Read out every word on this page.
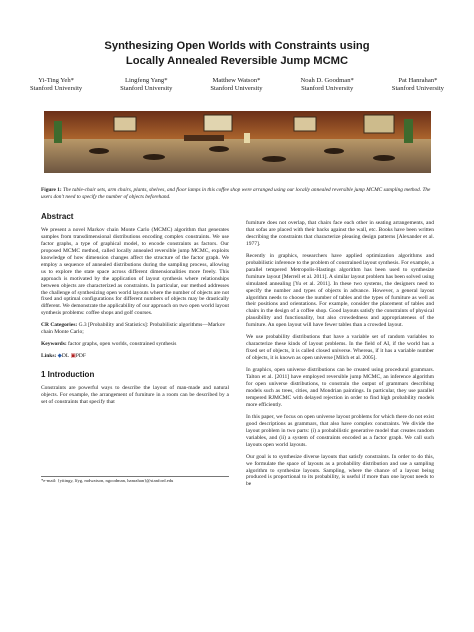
Synthesizing Open Worlds with Constraints using
Locally Annealed Reversible Jump MCMC
Yi-Ting Yeh*
Stanford University
Lingfeng Yang*
Stanford University
Matthew Watson*
Stanford University
Noah D. Goodman*
Stanford University
Pat Hanrahan*
Stanford University
Figure 1: The table-chair sets, arm chairs, plants, shelves, and floor lamps in this coffee shop were arranged using our locally annealed reversible jump MCMC sampling method. The users don't need to specify the number of objects beforehand.
Abstract

We present a novel Markov chain Monte Carlo (MCMC) algorithm that generates samples from transdimensional distributions encoding complex constraints. We use factor graphs, a type of graphical model, to encode constraints as factors. Our proposed MCMC method, called locally annealed reversible jump MCMC, exploits knowledge of how dimension changes affect the structure of the factor graph. We employ a sequence of annealed distributions during the sampling process, allowing us to explore the state space across different dimensionalities more freely. This approach is motivated by the application of layout synthesis where relationships between objects are characterized as constraints. In particular, our method addresses the challenge of synthesizing open world layouts where the number of objects are not fixed and optimal configurations for different numbers of objects may be drastically different. We demonstrate the applicability of our approach on two open world layout synthesis problems: coffee shops and golf courses.

CR Categories: G.3 [Probability and Statistics]: Probabilistic algorithms—Markov chain Monte Carlo;

Keywords: factor graphs, open worlds, constrained synthesis

Links: ◆DL ▣PDF

1 Introduction

Constraints are powerful ways to describe the layout of man-made and natural objects. For example, the arrangement of furniture in a room can be described by a set of constraints that specify that

*e-mail: {yitingy, lfyg, mdwatson, ngoodman, hanrahan}@stanford.edu

furniture does not overlap, that chairs face each other in seating arrangements, and that sofas are placed with their backs against the wall, etc. Books have been written describing the constraints that characterize pleasing design patterns [Alexander et al. 1977].

Recently in graphics, researchers have applied optimization algorithms and probabilistic inference to the problem of constrained layout synthesis. For example, a parallel tempered Metropolis-Hastings algorithm has been used to synthesize furniture layout [Merrell et al. 2011]. A similar layout problem has been solved using simulated annealing [Yu et al. 2011]. In these two systems, the designers need to specify the number and types of objects in advance. However, a general layout algorithm needs to choose the number of tables and the types of furniture as well as their positions and orientations. For example, consider the placement of tables and chairs in the design of a coffee shop. Good layouts satisfy the constraints of physical plausibility and functionality, but also crowdedness and appropriateness of the furniture. An open layout will have fewer tables than a crowded layout.

We use probability distributions that have a variable set of random variables to characterize these kinds of layout problems. In the field of AI, if the world has a fixed set of objects, it is called closed universe. Whereas, if it has a variable number of objects, it is known as open universe [Milch et al. 2005].

In graphics, open universe distributions can be created using procedural grammars. Talton et al. [2011] have employed reversible jump MCMC, an inference algorithm for open universe distributions, to constrain the output of grammars describing models such as trees, cities, and Mondrian paintings. In particular, they use parallel tempered RJMCMC with delayed rejection in order to find high probability models more efficiently.

In this paper, we focus on open universe layout problems for which there do not exist good descriptions as grammars, that also have complex constraints. We divide the layout problem in two parts: (i) a probabilistic generative model that creates random variables, and (ii) a system of constraints encoded as a factor graph. We call such layouts open world layouts.

Our goal is to synthesize diverse layouts that satisfy constraints. In order to do this, we formulate the space of layouts as a probability distribution and use a sampling algorithm to synthesize layouts. Sampling, where the chance of a layout being produced is proportional to its probability, is useful if more than one layout needs to be
